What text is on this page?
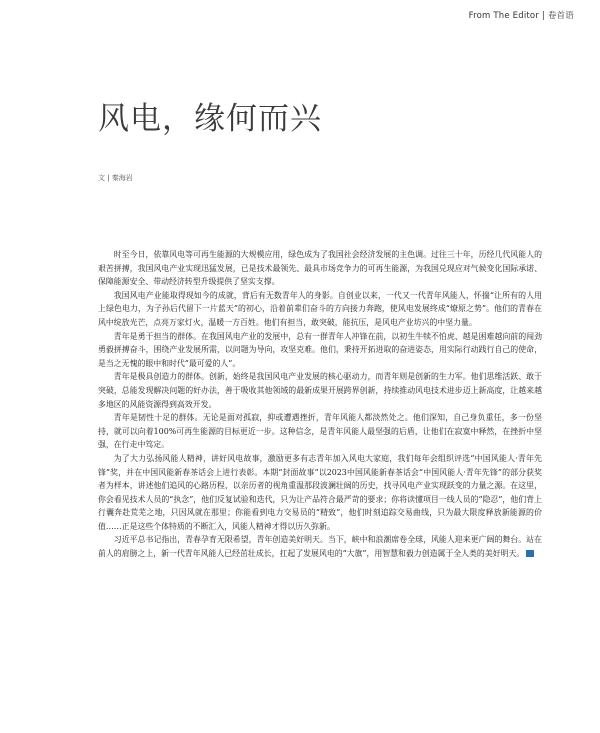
From The Editor | 卷首语
风电，缘何而兴
文 | 秦海岩

时至今日，依靠风电等可再生能源的大规模应用，绿色成为了我国社会经济发展的主色调。过往三十年，历经几代风能人的艰苦拼搏，我国风电产业实现迅猛发展，已是技术最领先、最具市场竞争力的可再生能源，为我国兑现应对气候变化国际承诺、保障能源安全、带动经济转型升级提供了坚实支撑。

我国风电产业能取得现如今的成就，背后有无数青年人的身影。自创业以来，一代又一代青年风能人，怀揣“让所有的人用上绿色电力，为子孙后代留下一片蓝天”的初心，沿着前辈们奋斗的方向接力奔跑，使风电发展终成“燎原之势”。他们的青春在风中绽放光芒，点亮万家灯火，温暖一方百姓。他们有担当，敢突破，能抗压，是风电产业坊兴的中坚力量。

青年是勇于担当的群体。在我国风电产业的发展中，总有一群青年人冲锋在前，以初生牛犊不怕虎、越是困难越向前的闯劲勇毅拼搏奋斗，围绕产业发展所需，以问题为导向，攻坚克难。他们，秉持开拓进取的奋进姿态，用实际行动践行自己的使命，是当之无愧的眼中和时代“最可爱的人”。

青年是极具创造力的群体。创新，始终是我国风电产业发展的核心驱动力，而青年则是创新的生力军。他们思维活跃、敢于突破，总能发现解决问题的好办法，善于吸收其他领域的最新成果开展跨界创新，持续推动风电技术进步迈上新高度，让越来越多地区的风能资源得到高效开发。

青年是韧性十足的群体。无论是面对孤寂，抑或遭遇挫折，青年风能人都淡然处之。他们深知，自己身负重任，多一份坚持，就可以向着100%可再生能源的目标更近一步。这种信念，是青年风能人最坚强的后盾，让他们在寂寞中释然，在挫折中坚强，在行走中笃定。

为了大力弘扬风能人精神，讲好风电故事，激励更多有志青年加入风电大家庭，我们每年会组织评选“中国风能人·青年先锋”奖，并在中国风能新春茶话会上进行表彰。本期“封面故事”以2023中国风能新春茶话会“中国风能人·青年先锋”的部分获奖者为样本，讲述他们追风的心路历程，以亲历者的视角重温那段波澜壮阔的历史，找寻风电产业实现跃变的力量之源。在这里，你会看见技术人员的“执念”，他们反复试验和迭代，只为让产品符合最严苛的要求；你将读懂项目一线人员的“隐忍”，他们背上行囊奔赴荒芜之地，只因风就在那里；你能看到电力交易员的“精致”，他们时刻追踪交易曲线，只为最大限度释放新能源的价值……正是这些个体特质的不断汇入，风能人精神才得以历久弥新。

习近平总书记指出，青春孕育无限希望，青年创造美好明天。当下，峡中和浪潮席卷全球，风能人迎来更广阔的舞台。站在前人的肩膀之上，新一代青年风能人已经茁壮成长，扛起了发展风电的“大旗”，用智慧和毅力创造属于全人类的美好明天。
